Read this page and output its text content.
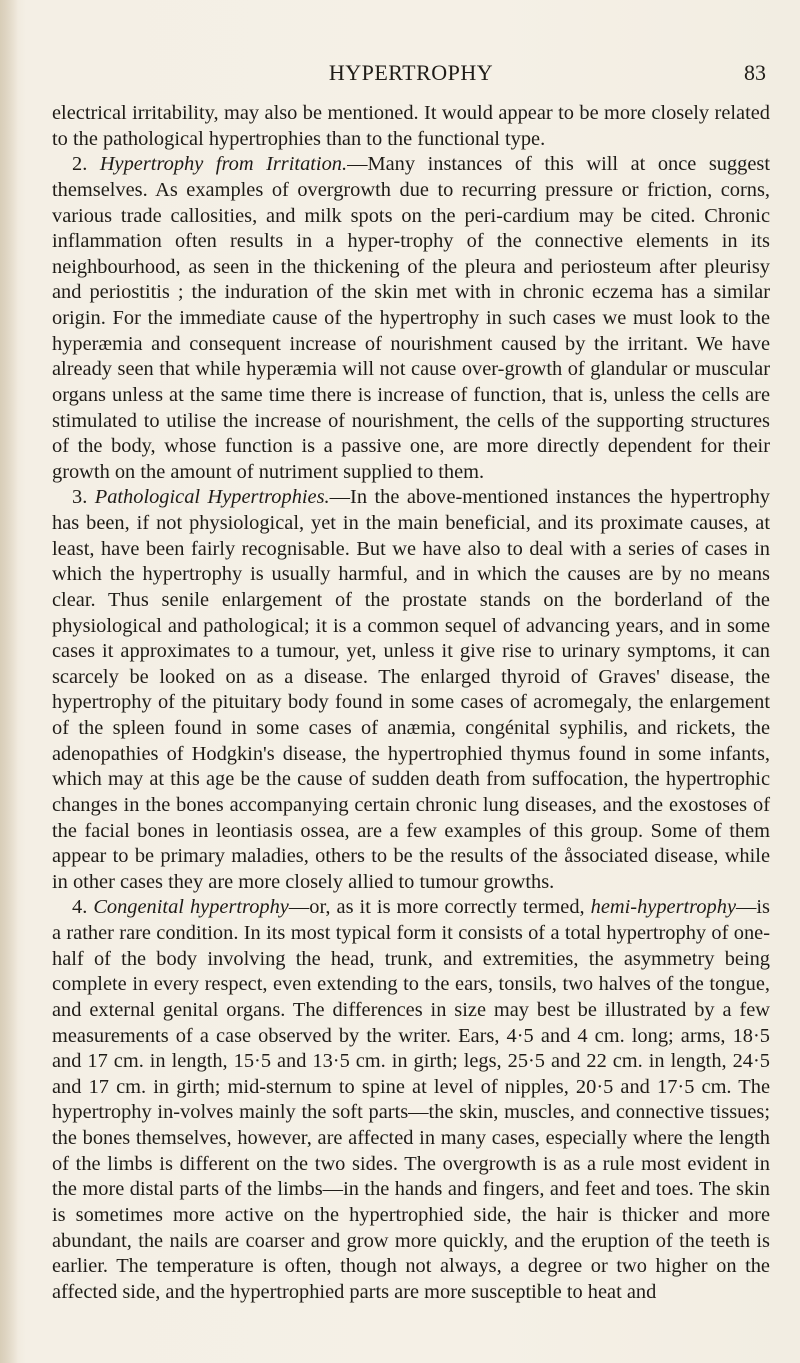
HYPERTROPHY	83

electrical irritability, may also be mentioned. It would appear to be more closely related to the pathological hypertrophies than to the functional type.

2. Hypertrophy from Irritation.—Many instances of this will at once suggest themselves. As examples of overgrowth due to recurring pressure or friction, corns, various trade callosities, and milk spots on the peri-cardium may be cited. Chronic inflammation often results in a hyper-trophy of the connective elements in its neighbourhood, as seen in the thickening of the pleura and periosteum after pleurisy and periostitis ; the induration of the skin met with in chronic eczema has a similar origin. For the immediate cause of the hypertrophy in such cases we must look to the hyperæmia and consequent increase of nourishment caused by the irritant. We have already seen that while hyperæmia will not cause over-growth of glandular or muscular organs unless at the same time there is increase of function, that is, unless the cells are stimulated to utilise the increase of nourishment, the cells of the supporting structures of the body, whose function is a passive one, are more directly dependent for their growth on the amount of nutriment supplied to them.

3. Pathological Hypertrophies.—In the above-mentioned instances the hypertrophy has been, if not physiological, yet in the main beneficial, and its proximate causes, at least, have been fairly recognisable. But we have also to deal with a series of cases in which the hypertrophy is usually harmful, and in which the causes are by no means clear. Thus senile enlargement of the prostate stands on the borderland of the physiological and pathological; it is a common sequel of advancing years, and in some cases it approximates to a tumour, yet, unless it give rise to urinary symptoms, it can scarcely be looked on as a disease. The enlarged thyroid of Graves' disease, the hypertrophy of the pituitary body found in some cases of acromegaly, the enlargement of the spleen found in some cases of anæmia, congénital syphilis, and rickets, the adenopathies of Hodgkin's disease, the hypertrophied thymus found in some infants, which may at this age be the cause of sudden death from suffocation, the hypertrophic changes in the bones accompanying certain chronic lung diseases, and the exostoses of the facial bones in leontiasis ossea, are a few examples of this group. Some of them appear to be primary maladies, others to be the results of the åssociated disease, while in other cases they are more closely allied to tumour growths.

4. Congenital hypertrophy—or, as it is more correctly termed, hemi-hypertrophy—is a rather rare condition. In its most typical form it consists of a total hypertrophy of one-half of the body involving the head, trunk, and extremities, the asymmetry being complete in every respect, even extending to the ears, tonsils, two halves of the tongue, and external genital organs. The differences in size may best be illustrated by a few measurements of a case observed by the writer. Ears, 4·5 and 4 cm. long; arms, 18·5 and 17 cm. in length, 15·5 and 13·5 cm. in girth; legs, 25·5 and 22 cm. in length, 24·5 and 17 cm. in girth; mid-sternum to spine at level of nipples, 20·5 and 17·5 cm. The hypertrophy in-volves mainly the soft parts—the skin, muscles, and connective tissues; the bones themselves, however, are affected in many cases, especially where the length of the limbs is different on the two sides. The overgrowth is as a rule most evident in the more distal parts of the limbs—in the hands and fingers, and feet and toes. The skin is sometimes more active on the hypertrophied side, the hair is thicker and more abundant, the nails are coarser and grow more quickly, and the eruption of the teeth is earlier. The temperature is often, though not always, a degree or two higher on the affected side, and the hypertrophied parts are more susceptible to heat and
